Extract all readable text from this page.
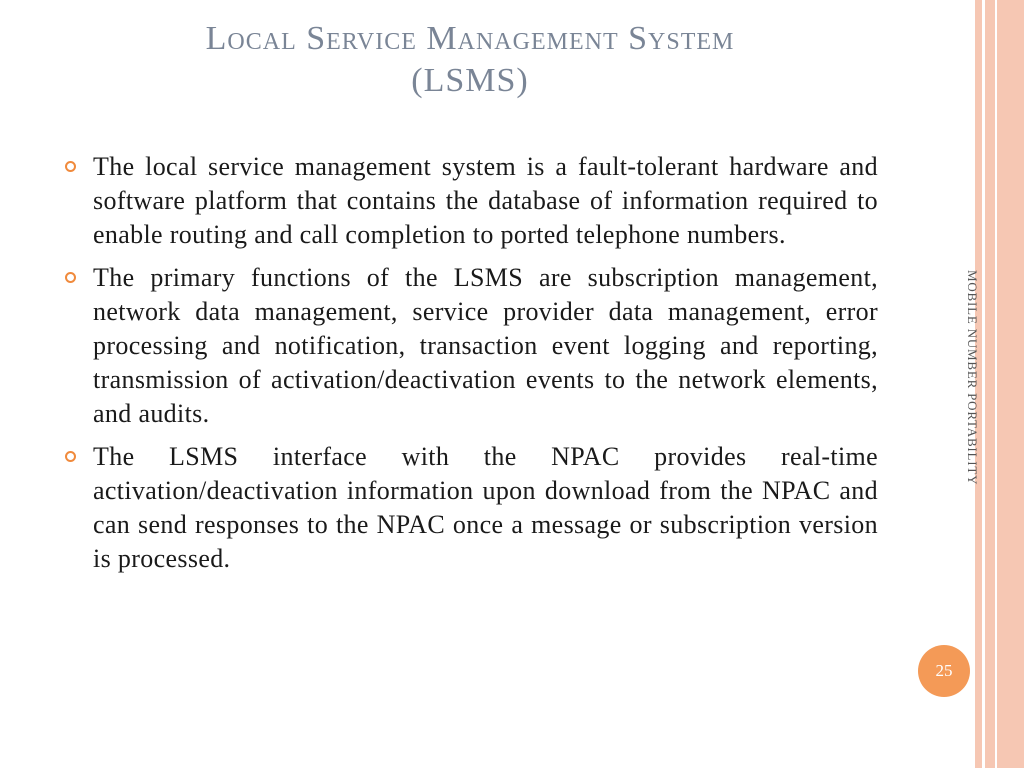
Local Service Management System
(LSMS)
The local service management system is a fault-tolerant hardware and software platform that contains the database of information required to enable routing and call completion to ported telephone numbers.
The primary functions of the LSMS are subscription management, network data management, service provider data management, error processing and notification, transaction event logging and reporting, transmission of activation/deactivation events to the network elements, and audits.
The LSMS interface with the NPAC provides real-time activation/deactivation information upon download from the NPAC and can send responses to the NPAC once a message or subscription version is processed.
MOBILE NUMBER PORTABILITY
25
